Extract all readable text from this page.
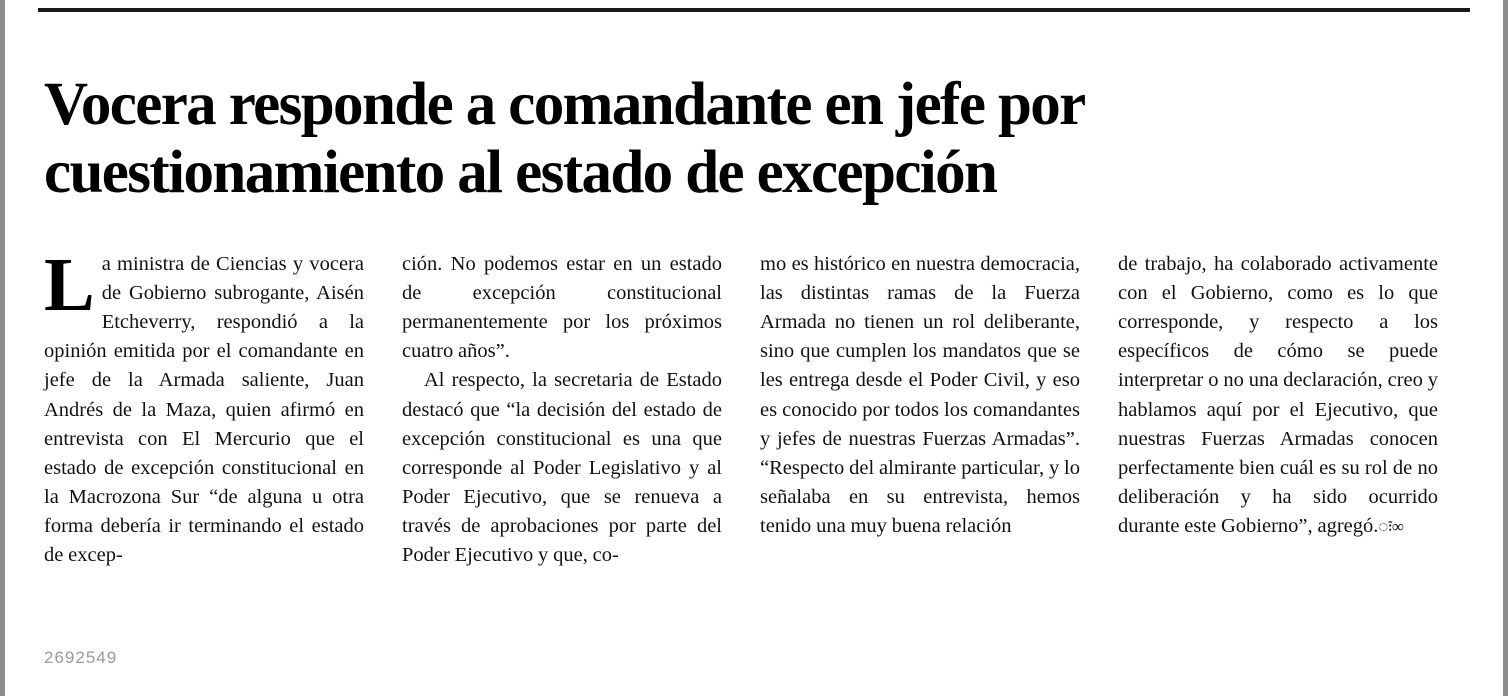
Vocera responde a comandante en jefe por
cuestionamiento al estado de excepción

La ministra de Ciencias y vocera de Gobierno subrogante, Aisén Etcheverry, respondió a la opinión emitida por el comandante en jefe de la Armada saliente, Juan Andrés de la Maza, quien afirmó en entrevista con El Mercurio que el estado de excepción constitucional en la Macrozona Sur “de alguna u otra forma debería ir terminando el estado de excep-

ción. No podemos estar en un estado de excepción constitucional permanentemente por los próximos cuatro años”.

Al respecto, la secretaria de Estado destacó que “la decisión del estado de excepción constitucional es una que corresponde al Poder Legislativo y al Poder Ejecutivo, que se renueva a través de aprobaciones por parte del Poder Ejecutivo y que, co-

mo es histórico en nuestra democracia, las distintas ramas de la Fuerza Armada no tienen un rol deliberante, sino que cumplen los mandatos que se les entrega desde el Poder Civil, y eso es conocido por todos los comandantes y jefes de nuestras Fuerzas Armadas”. “Respecto del almirante particular, y lo señalaba en su entrevista, hemos tenido una muy buena relación

de trabajo, ha colaborado activamente con el Gobierno, como es lo que corresponde, y respecto a los específicos de cómo se puede interpretar o no una declaración, creo y hablamos aquí por el Ejecutivo, que nuestras Fuerzas Armadas conocen perfectamente bien cuál es su rol de no deliberación y ha sido ocurrido durante este Gobierno”, agregó.ः∞

2692549
